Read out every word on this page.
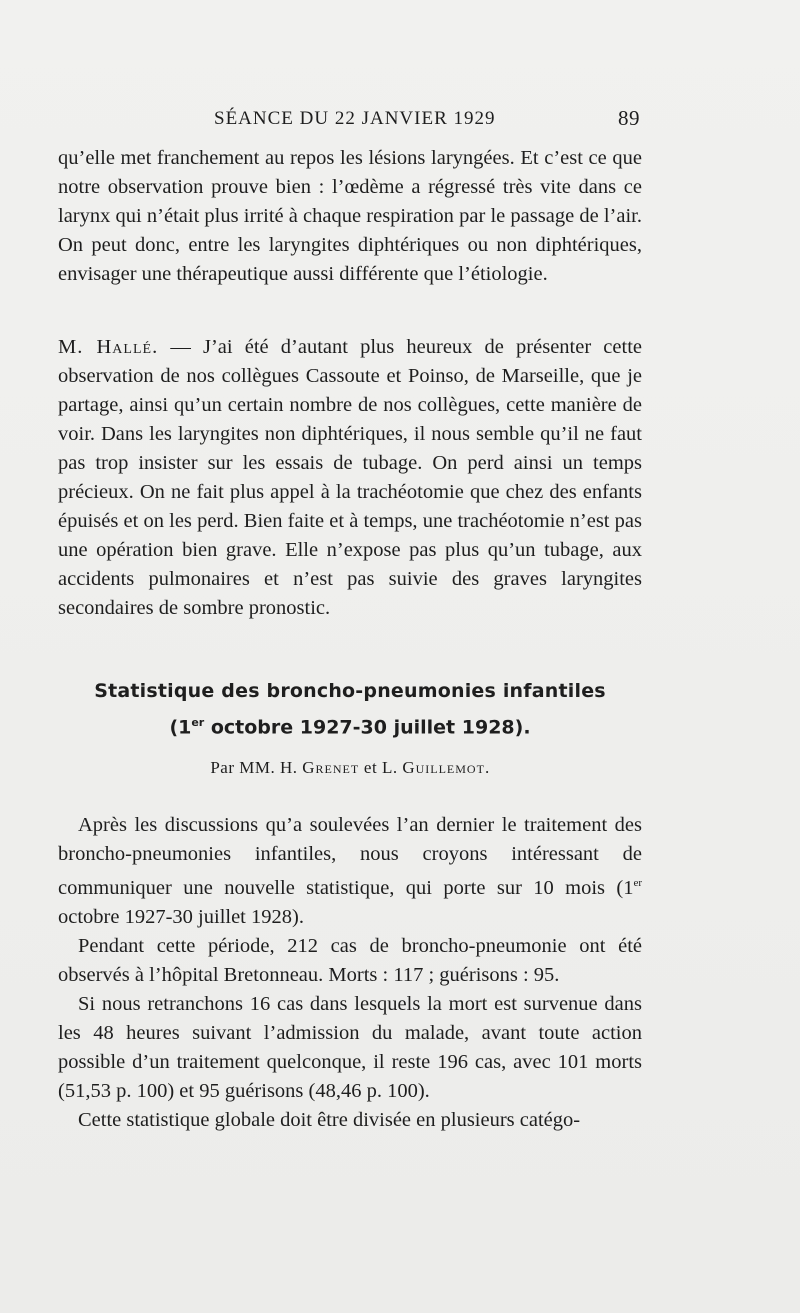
SÉANCE DU 22 JANVIER 1929	89

qu’elle met franchement au repos les lésions laryngées. Et c’est ce que notre observation prouve bien : l’œdème a régressé très vite dans ce larynx qui n’était plus irrité à chaque respiration par le passage de l’air. On peut donc, entre les laryngites diphtériques ou non diphtériques, envisager une thérapeutique aussi différente que l’étiologie.

M. Hallé. — J’ai été d’autant plus heureux de présenter cette observation de nos collègues Cassoute et Poinso, de Marseille, que je partage, ainsi qu’un certain nombre de nos collègues, cette manière de voir. Dans les laryngites non diphtériques, il nous semble qu’il ne faut pas trop insister sur les essais de tubage. On perd ainsi un temps précieux. On ne fait plus appel à la trachéotomie que chez des enfants épuisés et on les perd. Bien faite et à temps, une trachéotomie n’est pas une opération bien grave. Elle n’expose pas plus qu’un tubage, aux accidents pulmonaires et n’est pas suivie des graves laryngites secondaires de sombre pronostic.

Statistique des broncho-pneumonies infantiles
(1er octobre 1927-30 juillet 1928).
Par MM. H. Grenet et L. Guillemot.

Après les discussions qu’a soulevées l’an dernier le traitement des broncho-pneumonies infantiles, nous croyons intéressant de communiquer une nouvelle statistique, qui porte sur 10 mois (1er octobre 1927-30 juillet 1928).

Pendant cette période, 212 cas de broncho-pneumonie ont été observés à l’hôpital Bretonneau. Morts : 117 ; guérisons : 95.

Si nous retranchons 16 cas dans lesquels la mort est survenue dans les 48 heures suivant l’admission du malade, avant toute action possible d’un traitement quelconque, il reste 196 cas, avec 101 morts (51,53 p. 100) et 95 guérisons (48,46 p. 100).

Cette statistique globale doit être divisée en plusieurs catégo-
